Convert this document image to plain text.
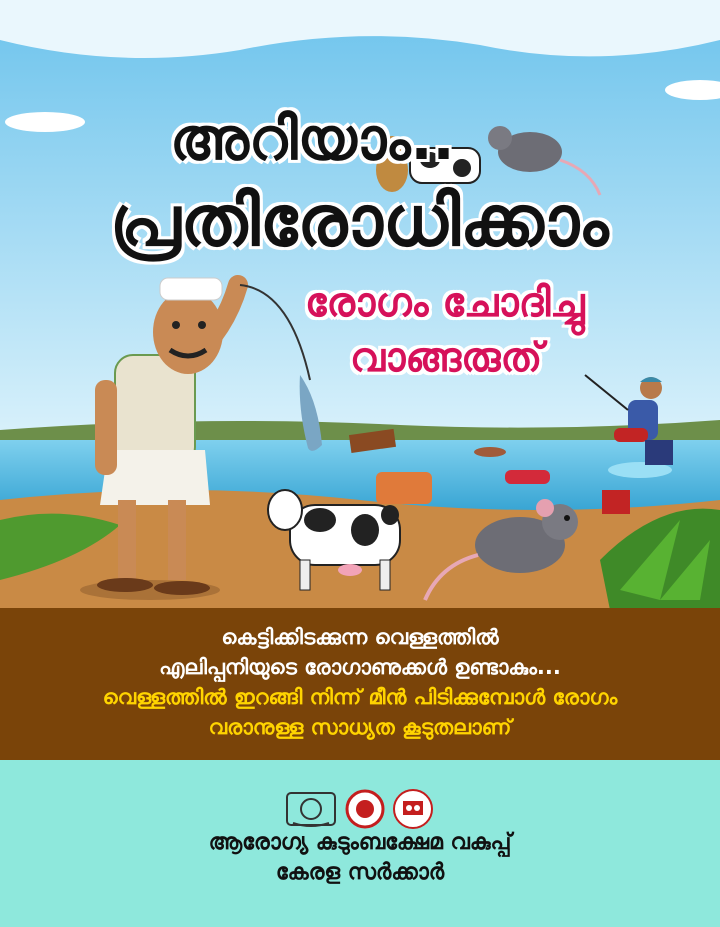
അറിയാം..
പ്രതിരോധിക്കാം
രോഗം ചോദിച്ചു
വാങ്ങരുത്

കെട്ടിക്കിടക്കുന്ന വെള്ളത്തിൽ

എലിപ്പനിയുടെ രോഗാണുക്കൾ ഉണ്ടാകും...

വെള്ളത്തിൽ ഇറങ്ങി നിന്ന് മീൻ പിടിക്കുമ്പോൾ രോഗം

വരാനുള്ള സാധ്യത കൂടുതലാണ്

ആരോഗ്യ കുടുംബക്ഷേമ വകുപ്പ്
കേരള സർക്കാർ
